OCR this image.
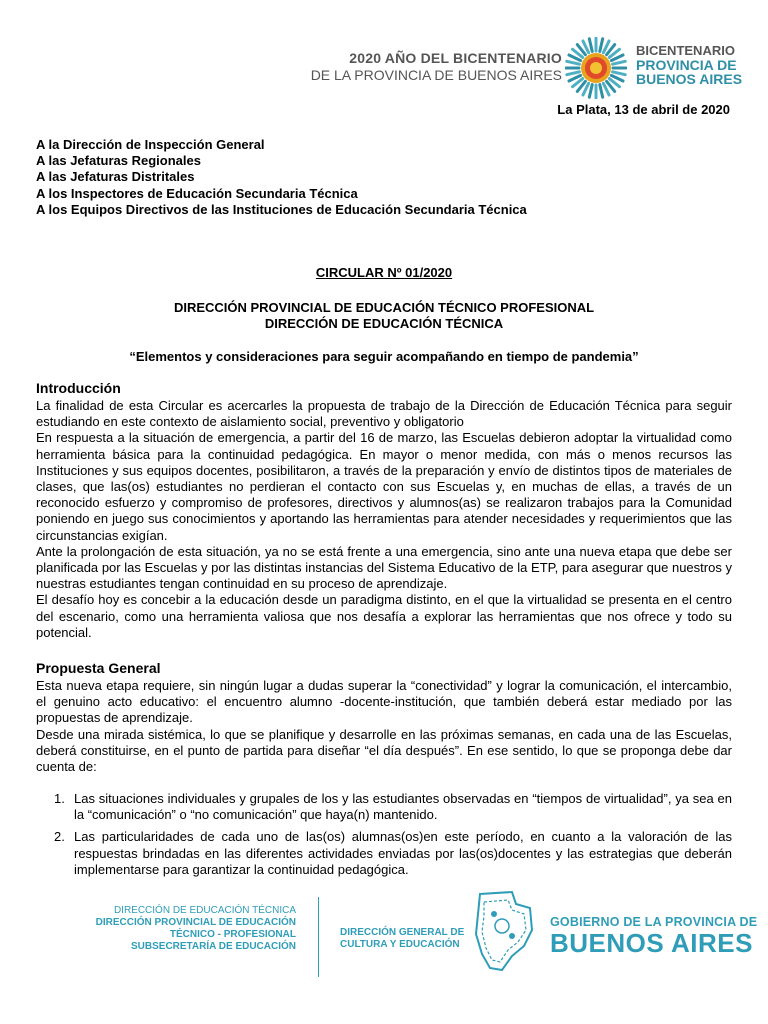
2020 AÑO DEL BICENTENARIO
DE LA PROVINCIA DE BUENOS AIRES
BICENTENARIO
PROVINCIA DE
BUENOS AIRES
La Plata, 13 de abril de 2020
A la Dirección de Inspección General
A las Jefaturas Regionales
A las Jefaturas Distritales
A los Inspectores de Educación Secundaria Técnica
A los Equipos Directivos de las Instituciones de Educación Secundaria Técnica
CIRCULAR Nº 01/2020
DIRECCIÓN PROVINCIAL DE EDUCACIÓN TÉCNICO PROFESIONAL
DIRECCIÓN DE EDUCACIÓN TÉCNICA
“Elementos y consideraciones para seguir acompañando en tiempo de pandemia”
Introducción

La finalidad de esta Circular es acercarles la propuesta de trabajo de la Dirección de Educación Técnica para seguir estudiando en este contexto de aislamiento social, preventivo y obligatorio

En respuesta a la situación de emergencia, a partir del 16 de marzo, las Escuelas debieron adoptar la virtualidad como herramienta básica para la continuidad pedagógica. En mayor o menor medida, con más o menos recursos las Instituciones y sus equipos docentes, posibilitaron, a través de la preparación y envío de distintos tipos de materiales de clases, que las(os) estudiantes no perdieran el contacto con sus Escuelas y, en muchas de ellas, a través de un reconocido esfuerzo y compromiso de profesores, directivos y alumnos(as) se realizaron trabajos para la Comunidad poniendo en juego sus conocimientos y aportando las herramientas para atender necesidades y requerimientos que las circunstancias exigían.

Ante la prolongación de esta situación, ya no se está frente a una emergencia, sino ante una nueva etapa que debe ser planificada por las Escuelas y por las distintas instancias del Sistema Educativo de la ETP, para asegurar que nuestros y nuestras estudiantes tengan continuidad en su proceso de aprendizaje.

El desafío hoy es concebir a la educación desde un paradigma distinto, en el que la virtualidad se presenta en el centro del escenario, como una herramienta valiosa que nos desafía a explorar las herramientas que nos ofrece y todo su potencial.

Propuesta General

Esta nueva etapa requiere, sin ningún lugar a dudas superar la “conectividad” y lograr la comunicación, el intercambio, el genuino acto educativo: el encuentro alumno -docente-institución, que también deberá estar mediado por las propuestas de aprendizaje.

Desde una mirada sistémica, lo que se planifique y desarrolle en las próximas semanas, en cada una de las Escuelas, deberá constituirse, en el punto de partida para diseñar “el día después”. En ese sentido, lo que se proponga debe dar cuenta de:

1. Las situaciones individuales y grupales de los y las estudiantes observadas en “tiempos de virtualidad”, ya sea en la “comunicación” o “no comunicación” que haya(n) mantenido.
2. Las particularidades de cada uno de las(os) alumnas(os)en este período, en cuanto a la valoración de las respuestas brindadas en las diferentes actividades enviadas por las(os)docentes y las estrategias que deberán implementarse para garantizar la continuidad pedagógica.
DIRECCIÓN DE EDUCACIÓN TÉCNICA
DIRECCIÓN PROVINCIAL DE EDUCACIÓN
TÉCNICO - PROFESIONAL
SUBSECRETARÍA DE EDUCACIÓN
DIRECCIÓN GENERAL DE
CULTURA Y EDUCACIÓN
GOBIERNO DE LA PROVINCIA DE
BUENOS AIRES
